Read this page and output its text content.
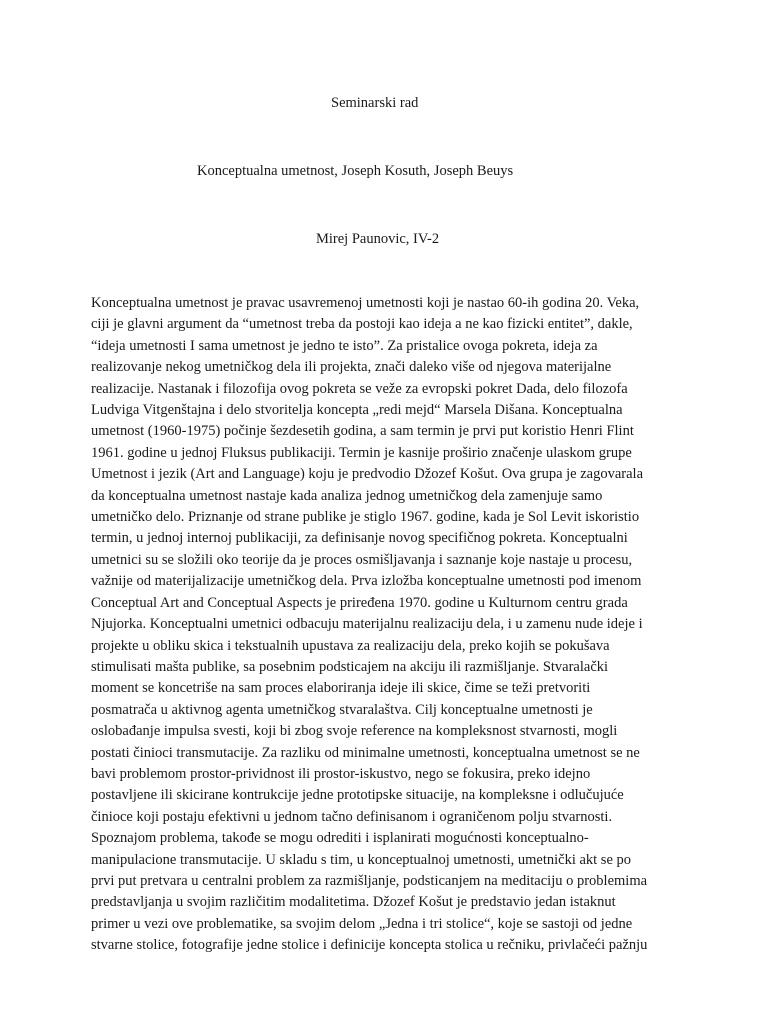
Seminarski rad
Konceptualna umetnost, Joseph Kosuth, Joseph Beuys
Mirej Paunovic, IV-2
Konceptualna umetnost je pravac usavremenoj umetnosti koji je nastao 60-ih godina 20. Veka,
ciji je glavni argument da “umetnost treba da postoji kao ideja a ne kao fizicki entitet”, dakle,
“ideja umetnosti I sama umetnost je jedno te isto”. Za pristalice ovoga pokreta, ideja za
realizovanje nekog umetničkog dela ili projekta, znači daleko više od njegova materijalne
realizacije. Nastanak i filozofija ovog pokreta se veže za evropski pokret Dada, delo filozofa
Ludviga Vitgenštajna i delo stvoritelja koncepta „redi mejd“ Marsela Dišana. Konceptualna
umetnost (1960-1975) počinje šezdesetih godina, a sam termin je prvi put koristio Henri Flint
1961. godine u jednoj Fluksus publikaciji. Termin je kasnije proširio značenje ulaskom grupe
Umetnost i jezik (Art and Language) koju je predvodio Džozef Košut. Ova grupa je zagovarala
da konceptualna umetnost nastaje kada analiza jednog umetničkog dela zamenjuje samo
umetničko delo. Priznanje od strane publike je stiglo 1967. godine, kada je Sol Levit iskoristio
termin, u jednoj internoj publikaciji, za definisanje novog specifičnog pokreta. Konceptualni
umetnici su se složili oko teorije da je proces osmišljavanja i saznanje koje nastaje u procesu,
važnije od materijalizacije umetničkog dela. Prva izložba konceptualne umetnosti pod imenom
Conceptual Art and Conceptual Aspects je priređena 1970. godine u Kulturnom centru grada
Njujorka. Konceptualni umetnici odbacuju materijalnu realizaciju dela, i u zamenu nude ideje i
projekte u obliku skica i tekstualnih upustava za realizaciju dela, preko kojih se pokušava
stimulisati mašta publike, sa posebnim podsticajem na akciju ili razmišljanje. Stvaralački
moment se koncetriše na sam proces elaboriranja ideje ili skice, čime se teži pretvoriti
posmatrača u aktivnog agenta umetničkog stvaralaštva. Cilj konceptualne umetnosti je
oslobađanje impulsa svesti, koji bi zbog svoje reference na kompleksnost stvarnosti, mogli
postati činioci transmutacije. Za razliku od minimalne umetnosti, konceptualna umetnost se ne
bavi problemom prostor-prividnost ili prostor-iskustvo, nego se fokusira, preko idejno
postavljene ili skicirane kontrukcije jedne prototipske situacije, na kompleksne i odlučujuće
činioce koji postaju efektivni u jednom tačno definisanom i ograničenom polju stvarnosti.
Spoznajom problema, takođe se mogu odrediti i isplanirati mogućnosti konceptualno-
manipulacione transmutacije. U skladu s tim, u konceptualnoj umetnosti, umetnički akt se po
prvi put pretvara u centralni problem za razmišljanje, podsticanjem na meditaciju o problemima
predstavljanja u svojim različitim modalitetima. Džozef Košut je predstavio jedan istaknut
primer u vezi ove problematike, sa svojim delom „Jedna i tri stolice“, koje se sastoji od jedne
stvarne stolice, fotografije jedne stolice i definicije koncepta stolica u rečniku, privlačeći pažnju
